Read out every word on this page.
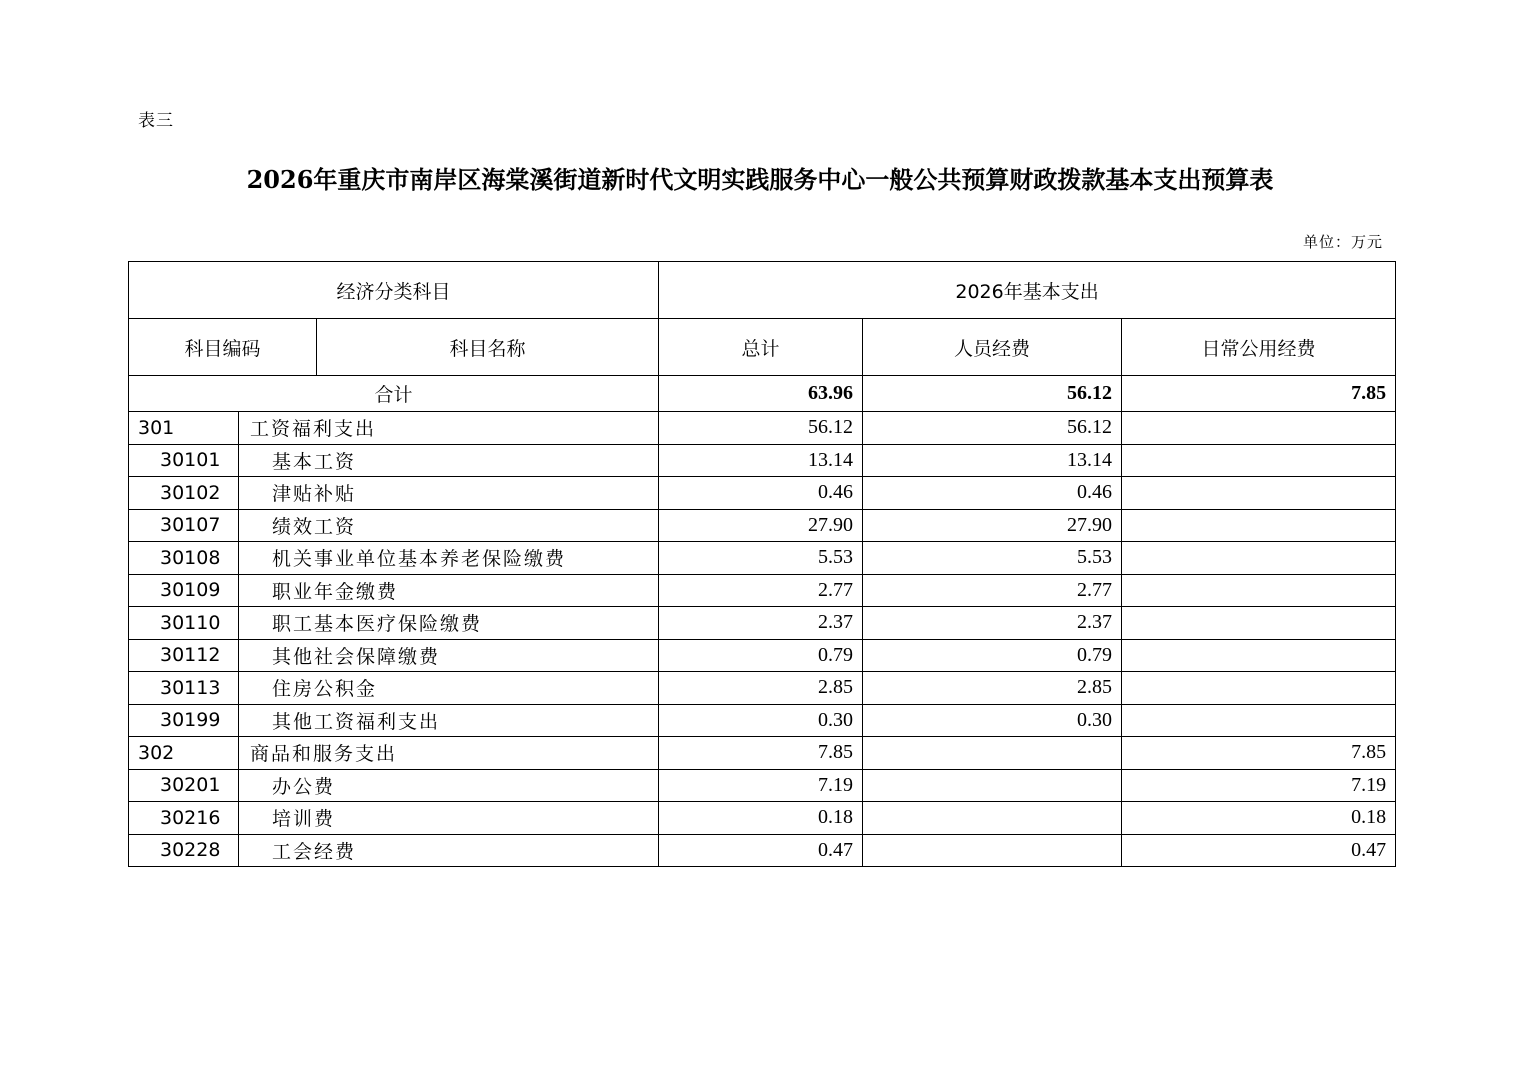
表三
2026年重庆市南岸区海棠溪街道新时代文明实践服务中心一般公共预算财政拨款基本支出预算表
单位：万元
经济分类科目			2026年基本支出		
科目编码		科目名称	总计	人员经费	日常公用经费
合计			63.96	56.12	7.85
301	工资福利支出		56.12	56.12	
30101	基本工资		13.14	13.14	
30102	津贴补贴		0.46	0.46	
30107	绩效工资		27.90	27.90	
30108	机关事业单位基本养老保险缴费		5.53	5.53	
30109	职业年金缴费		2.77	2.77	
30110	职工基本医疗保险缴费		2.37	2.37	
30112	其他社会保障缴费		0.79	0.79	
30113	住房公积金		2.85	2.85	
30199	其他工资福利支出		0.30	0.30	
302	商品和服务支出		7.85		7.85
30201	办公费		7.19		7.19
30216	培训费		0.18		0.18
30228	工会经费		0.47		0.47
